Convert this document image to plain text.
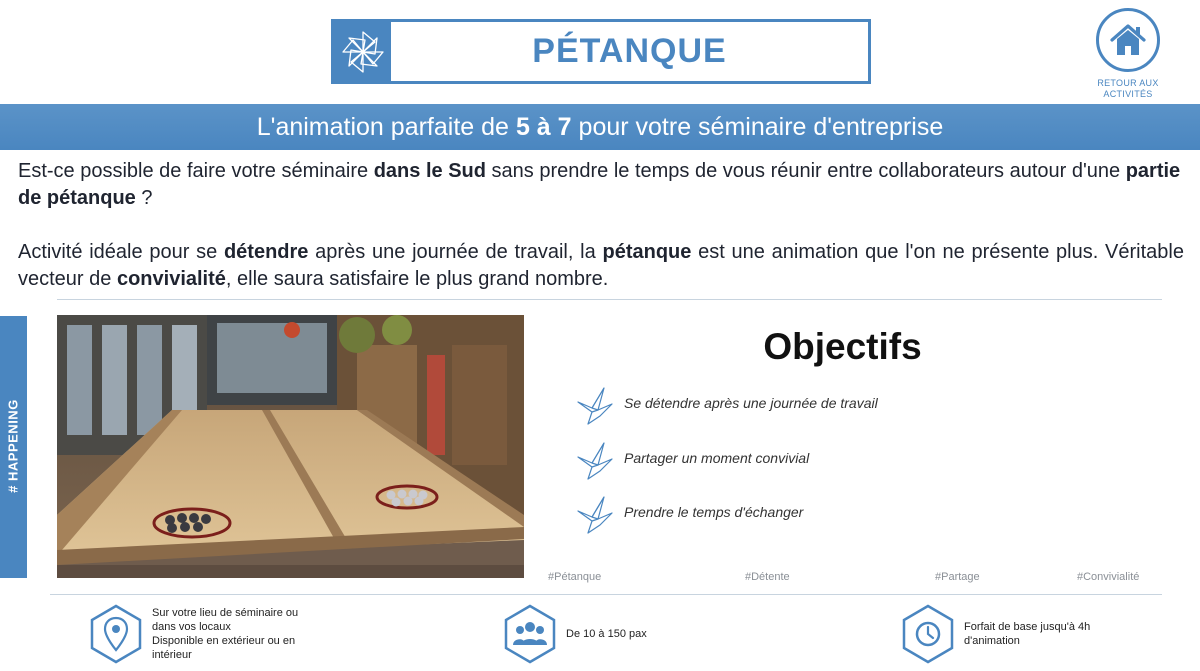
PÉTANQUE
RETOUR AUX
ACTIVITÉS
L'animation parfaite de 5 à 7 pour votre séminaire d'entreprise

Est-ce possible de faire votre séminaire dans le Sud sans prendre le temps de vous réunir entre collaborateurs autour d'une partie de pétanque ?

Activité idéale pour se détendre après une journée de travail, la pétanque est une animation que l'on ne présente plus. Véritable vecteur de convivialité, elle saura satisfaire le plus grand nombre.

# HAPPENING
Objectifs
Se détendre après une journée de travail
Partager un moment convivial
Prendre le temps d'échanger
#Pétanque	#Détente	#Partage	#Convivialité
Sur votre lieu de séminaire ou
dans vos locaux
Disponible en extérieur ou en
intérieur
De 10 à 150 pax
Forfait de base jusqu'à 4h
d'animation
